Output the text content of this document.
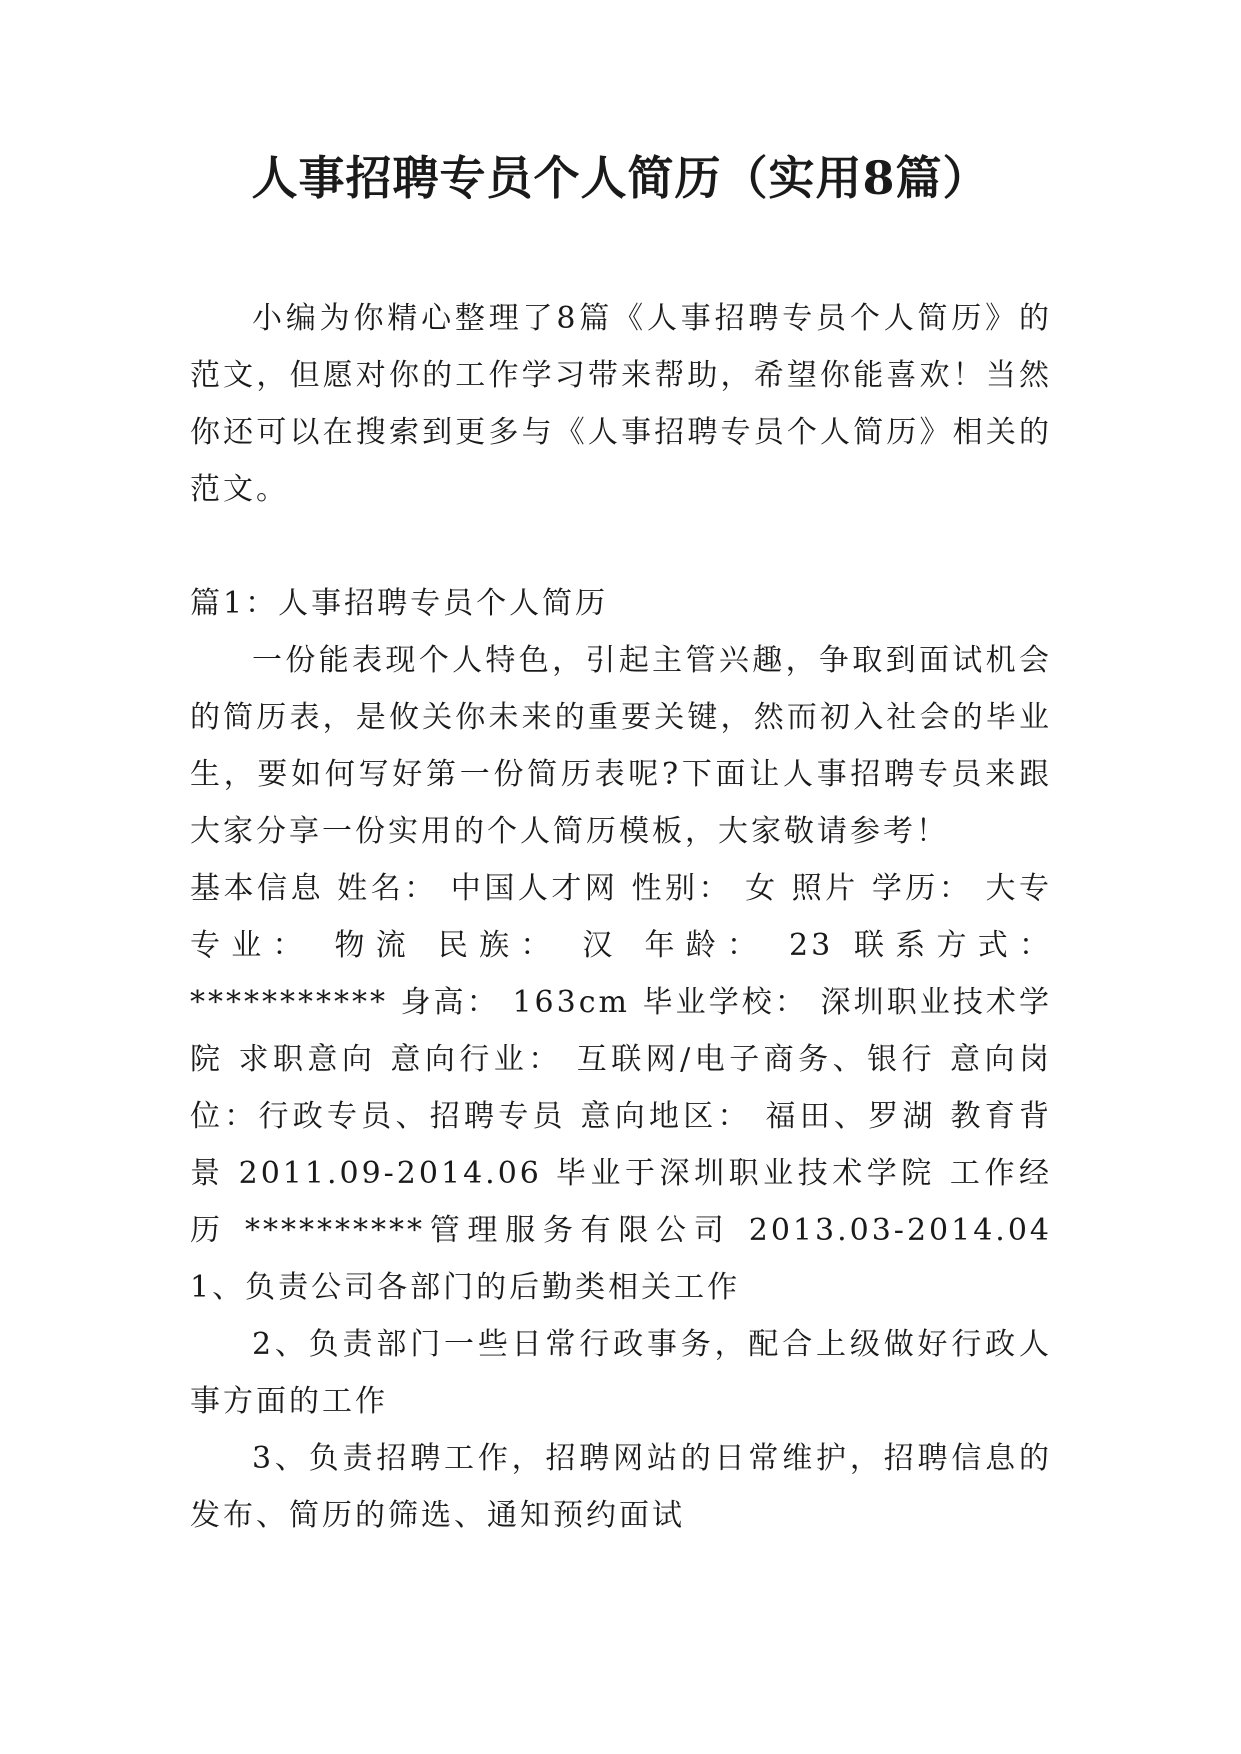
人事招聘专员个人简历（实用8篇）

小编为你精心整理了8篇《人事招聘专员个人简历》的范文，但愿对你的工作学习带来帮助，希望你能喜欢！当然你还可以在搜索到更多与《人事招聘专员个人简历》相关的范文。

篇1：人事招聘专员个人简历

一份能表现个人特色，引起主管兴趣，争取到面试机会的简历表，是攸关你未来的重要关键，然而初入社会的毕业生，要如何写好第一份简历表呢?下面让人事招聘专员来跟大家分享一份实用的个人简历模板，大家敬请参考！

基本信息 姓名： 中国人才网 性别： 女 照片 学历： 大专 专业： 物流 民族： 汉 年龄： 23 联系方式： *********** 身高： 163cm 毕业学校： 深圳职业技术学院 求职意向 意向行业： 互联网/电子商务、银行 意向岗位：行政专员、招聘专员 意向地区： 福田、罗湖 教育背景 2011.09-2014.06 毕业于深圳职业技术学院 工作经历 **********管理服务有限公司 2013.03-2014.04　　1、负责公司各部门的后勤类相关工作

2、负责部门一些日常行政事务，配合上级做好行政人事方面的工作

3、负责招聘工作，招聘网站的日常维护，招聘信息的发布、简历的筛选、通知预约面试
